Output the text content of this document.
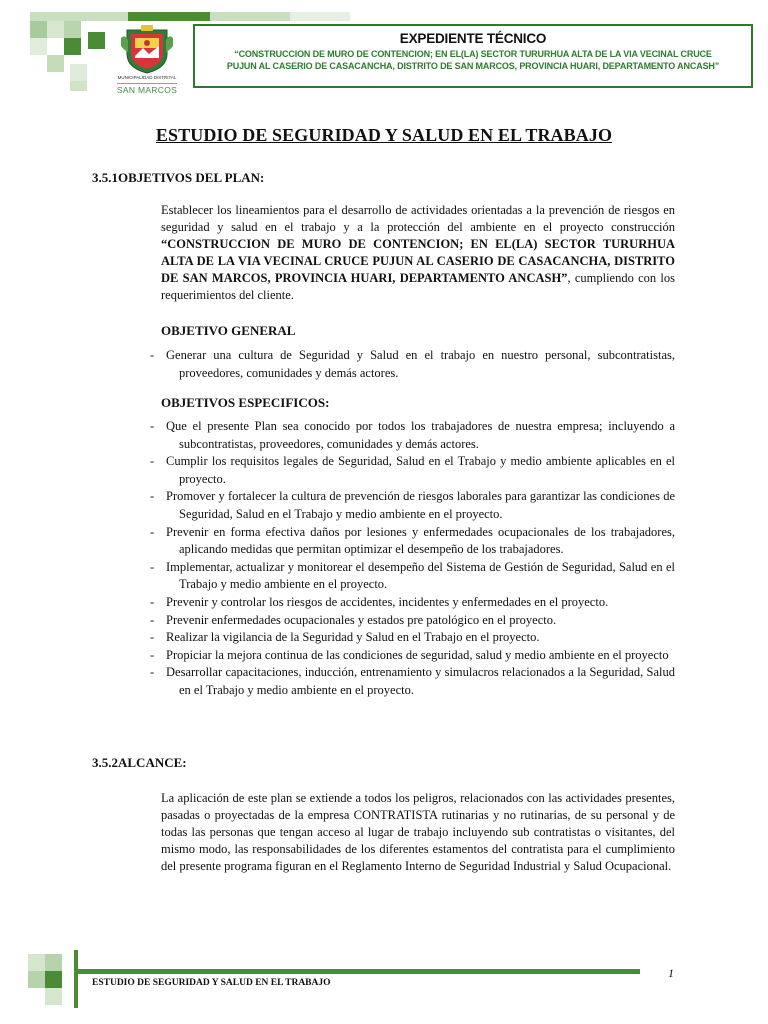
MUNICIPALIDAD DISTRITAL
SAN MARCOS
EXPEDIENTE TÉCNICO
“CONSTRUCCION DE MURO DE CONTENCION; EN EL(LA) SECTOR TURURHUA ALTA DE LA VIA VECINAL CRUCE
PUJUN AL CASERIO DE CASACANCHA, DISTRITO DE SAN MARCOS, PROVINCIA HUARI, DEPARTAMENTO ANCASH”
ESTUDIO DE SEGURIDAD Y SALUD EN EL TRABAJO
3.5.1OBJETIVOS DEL PLAN:
Establecer los lineamientos para el desarrollo de actividades orientadas a la prevención de riesgos en seguridad y salud en el trabajo y a la protección del ambiente en el proyecto construcción “CONSTRUCCION DE MURO DE CONTENCION; EN EL(LA) SECTOR TURURHUA ALTA DE LA VIA VECINAL CRUCE PUJUN AL CASERIO DE CASACANCHA, DISTRITO DE SAN MARCOS, PROVINCIA HUARI, DEPARTAMENTO ANCASH”, cumpliendo con los requerimientos del cliente.
OBJETIVO GENERAL
- Generar una cultura de Seguridad y Salud en el trabajo en nuestro personal, subcontratistas, proveedores, comunidades y demás actores.
OBJETIVOS ESPECIFICOS:
- Que el presente Plan sea conocido por todos los trabajadores de nuestra empresa; incluyendo a subcontratistas, proveedores, comunidades y demás actores.
- Cumplir los requisitos legales de Seguridad, Salud en el Trabajo y medio ambiente aplicables en el proyecto.
- Promover y fortalecer la cultura de prevención de riesgos laborales para garantizar las condiciones de Seguridad, Salud en el Trabajo y medio ambiente en el proyecto.
- Prevenir en forma efectiva daños por lesiones y enfermedades ocupacionales de los trabajadores, aplicando medidas que permitan optimizar el desempeño de los trabajadores.
- Implementar, actualizar y monitorear el desempeño del Sistema de Gestión de Seguridad, Salud en el Trabajo y medio ambiente en el proyecto.
- Prevenir y controlar los riesgos de accidentes, incidentes y enfermedades en el proyecto.
- Prevenir enfermedades ocupacionales y estados pre patológico en el proyecto.
- Realizar la vigilancia de la Seguridad y Salud en el Trabajo en el proyecto.
- Propiciar la mejora continua de las condiciones de seguridad, salud y medio ambiente en el proyecto
- Desarrollar capacitaciones, inducción, entrenamiento y simulacros relacionados a la Seguridad, Salud en el Trabajo y medio ambiente en el proyecto.
3.5.2ALCANCE:
La aplicación de este plan se extiende a todos los peligros, relacionados con las actividades presentes, pasadas o proyectadas de la empresa CONTRATISTA rutinarias y no rutinarias, de su personal y de todas las personas que tengan acceso al lugar de trabajo incluyendo sub contratistas o visitantes, del mismo modo, las responsabilidades de los diferentes estamentos del contratista para el cumplimiento del presente programa figuran en el Reglamento Interno de Seguridad Industrial y Salud Ocupacional.
ESTUDIO DE SEGURIDAD Y SALUD EN EL TRABAJO
1
